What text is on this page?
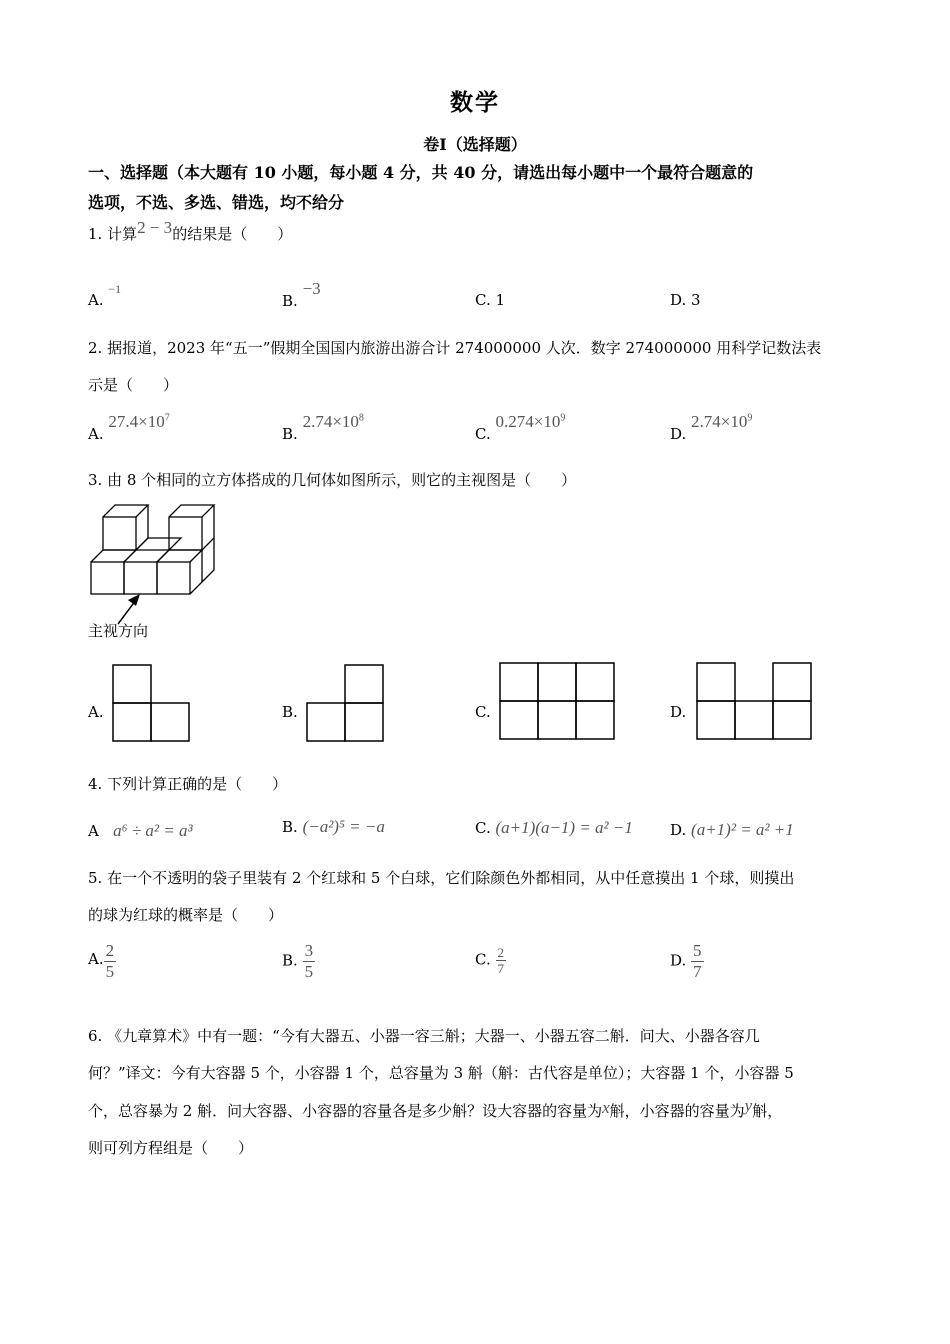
数学
卷Ⅰ（选择题）
一、选择题（本大题有 10 小题，每小题 4 分，共 40 分，请选出每小题中一个最符合题意的
选项，不选、多选、错选，均不给分
1. 计算2 − 3的结果是（　　）
A. $^{-1}$
B. −3
C. 1	D. 3
2. 据报道，2023 年“五一”假期全国国内旅游出游合计 274000000 人次．数字 274000000 用科学记数法表
示是（　　）
A. $27.4\times 10^7$
B. $2.74\times 10^8$
C. $0.274\times 10^9$
D. $2.74\times 10^9$
3. 由 8 个相同的立方体搭成的几何体如图所示，则它的主视图是（　　）
主视方向
A.	B.	C.	D.
4. 下列计算正确的是（　　）
A a⁶ ÷ a² = a³	B. (−a²)⁵ = −a	C. (a+1)(a−1) = a² −1 D. (a+1)² = a² +1
5. 在一个不透明的袋子里装有 2 个红球和 5 个白球，它们除颜色外都相同，从中任意摸出 1 个球，则摸出
的球为红球的概率是（　　）
A. $\frac{2}{5}$	B. $\frac{3}{5}$	C. $\frac{2}{7}$	D. $\frac{5}{7}$
6. 《九章算术》中有一题：“今有大器五、小器一容三斛；大器一、小器五容二斛．问大、小器各容几
何？”译文：今有大容器 5 个，小容器 1 个，总容量为 3 斛（斛：古代容是单位）；大容器 1 个，小容器 5
个，总容暴为 2 斛．问大容器、小容器的容量各是多少斛？设大容器的容量为x斛，小容器的容量为y斛，
则可列方程组是（　　）
